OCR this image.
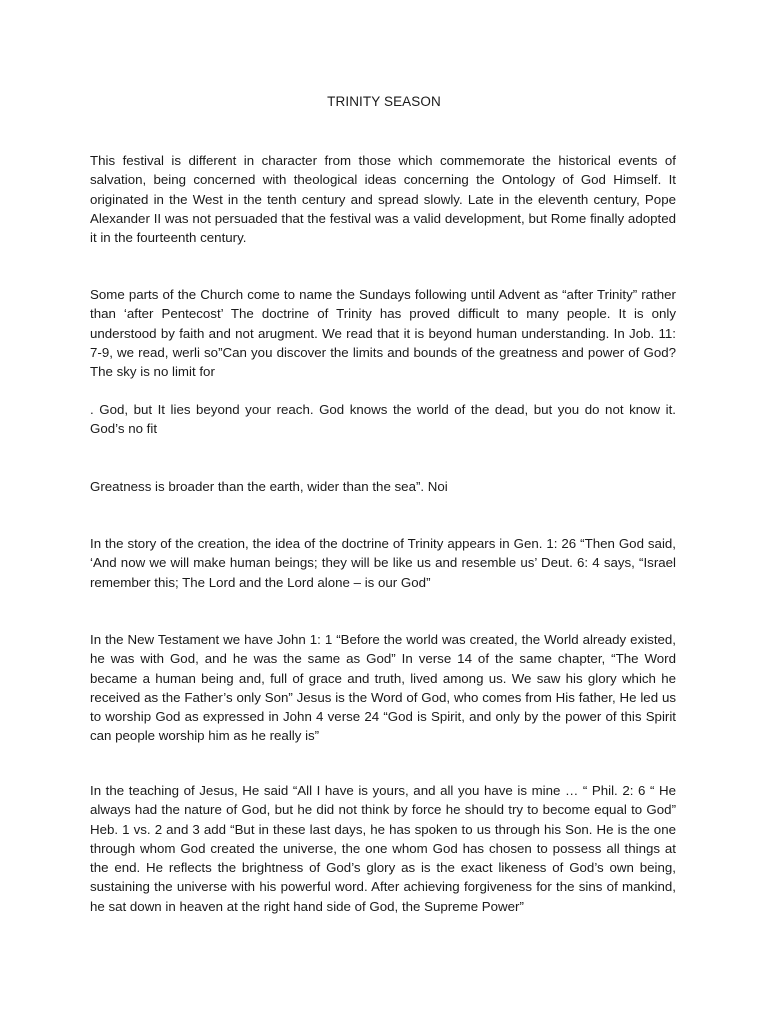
TRINITY SEASON

This festival is different in character from those which commemorate the historical events of salvation, being concerned with theological ideas concerning the Ontology of God Himself. It originated in the West in the tenth century and spread slowly. Late in the eleventh century, Pope Alexander II was not persuaded that the festival was a valid development, but Rome finally adopted it in the fourteenth century.

Some parts of the Church come to name the Sundays following until Advent as “after Trinity” rather than ‘after Pentecost’ The doctrine of Trinity has proved difficult to many people. It is only understood by faith and not arugment. We read that it is beyond human understanding. In Job. 11: 7-9, we read, werli so”Can you discover the limits and bounds of the greatness and power of God? The sky is no limit for

. God, but It lies beyond your reach. God knows the world of the dead, but you do not know it. God’s no fit

Greatness is broader than the earth, wider than the sea”. Noi

In the story of the creation, the idea of the doctrine of Trinity appears in Gen. 1: 26 “Then God said, ‘And now we will make human beings; they will be like us and resemble us’ Deut. 6: 4 says, “Israel remember this; The Lord and the Lord alone – is our God”

In the New Testament we have John 1: 1 “Before the world was created, the World already existed, he was with God, and he was the same as God” In verse 14 of the same chapter, “The Word became a human being and, full of grace and truth, lived among us. We saw his glory which he received as the Father’s only Son” Jesus is the Word of God, who comes from His father, He led us to worship God as expressed in John 4 verse 24 “God is Spirit, and only by the power of this Spirit can people worship him as he really is”

In the teaching of Jesus, He said “All I have is yours, and all you have is mine … “ Phil. 2: 6 “ He always had the nature of God, but he did not think by force he should try to become equal to God” Heb. 1 vs. 2 and 3 add “But in these last days, he has spoken to us through his Son. He is the one through whom God created the universe, the one whom God has chosen to possess all things at the end. He reflects the brightness of God’s glory as is the exact likeness of God’s own being, sustaining the universe with his powerful word. After achieving forgiveness for the sins of mankind, he sat down in heaven at the right hand side of God, the Supreme Power”
